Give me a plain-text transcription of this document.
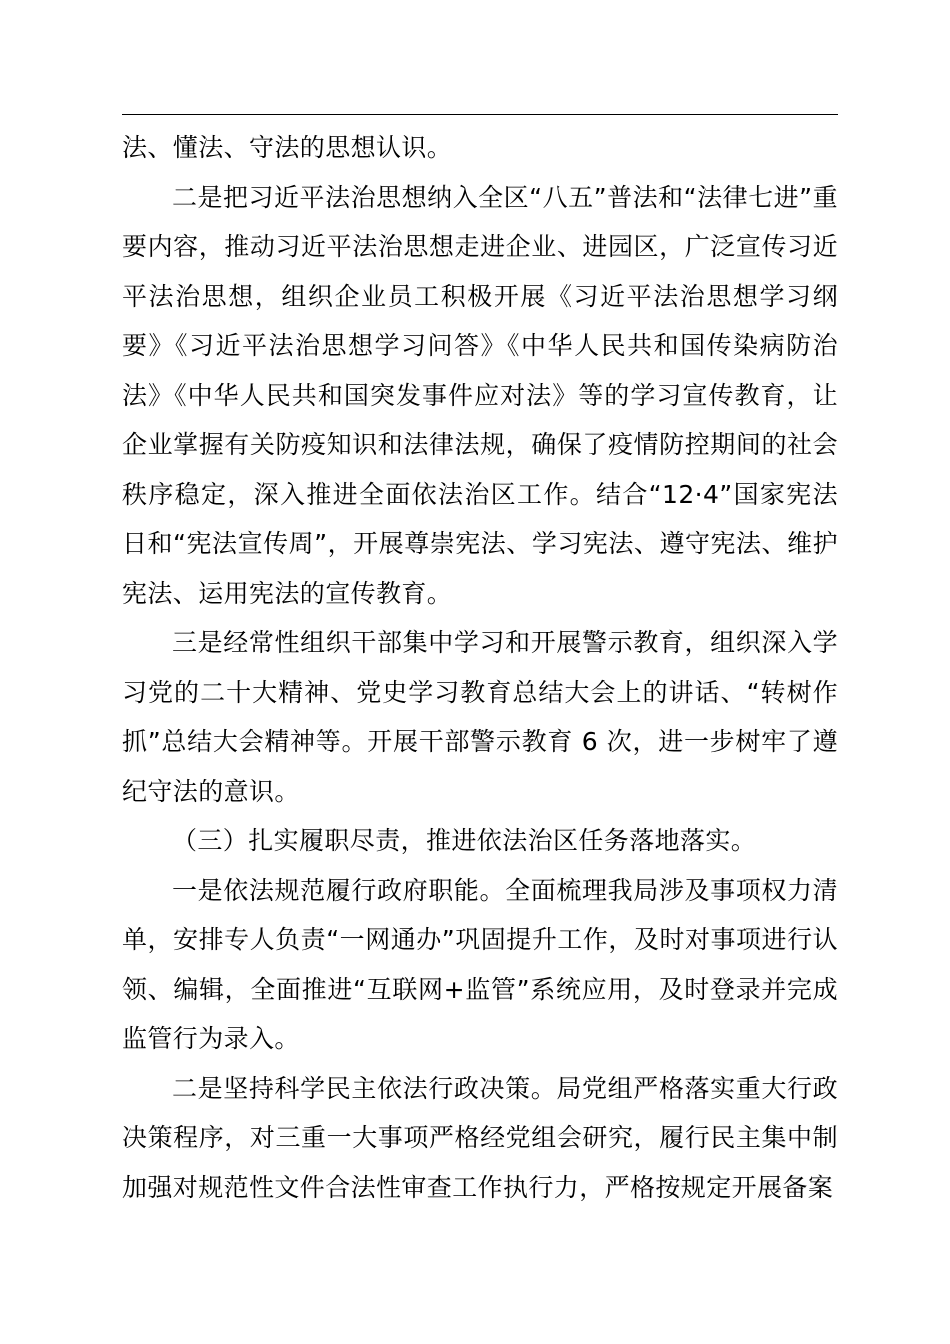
法、懂法、守法的思想认识。

二是把习近平法治思想纳入全区“八五”普法和“法律七进”重要内容，推动习近平法治思想走进企业、进园区，广泛宣传习近平法治思想，组织企业员工积极开展《习近平法治思想学习纲要》《习近平法治思想学习问答》《中华人民共和国传染病防治法》《中华人民共和国突发事件应对法》等的学习宣传教育，让企业掌握有关防疫知识和法律法规，确保了疫情防控期间的社会秩序稳定，深入推进全面依法治区工作。结合“12·4”国家宪法日和“宪法宣传周”，开展尊崇宪法、学习宪法、遵守宪法、维护宪法、运用宪法的宣传教育。

三是经常性组织干部集中学习和开展警示教育，组织深入学习党的二十大精神、党史学习教育总结大会上的讲话、“转树作抓”总结大会精神等。开展干部警示教育 6 次，进一步树牢了遵纪守法的意识。

（三）扎实履职尽责，推进依法治区任务落地落实。

一是依法规范履行政府职能。全面梳理我局涉及事项权力清单，安排专人负责“一网通办”巩固提升工作，及时对事项进行认领、编辑，全面推进“互联网+监管”系统应用，及时登录并完成监管行为录入。

二是坚持科学民主依法行政决策。局党组严格落实重大行政决策程序，对三重一大事项严格经党组会研究，履行民主集中制加强对规范性文件合法性审查工作执行力，严格按规定开展备案
